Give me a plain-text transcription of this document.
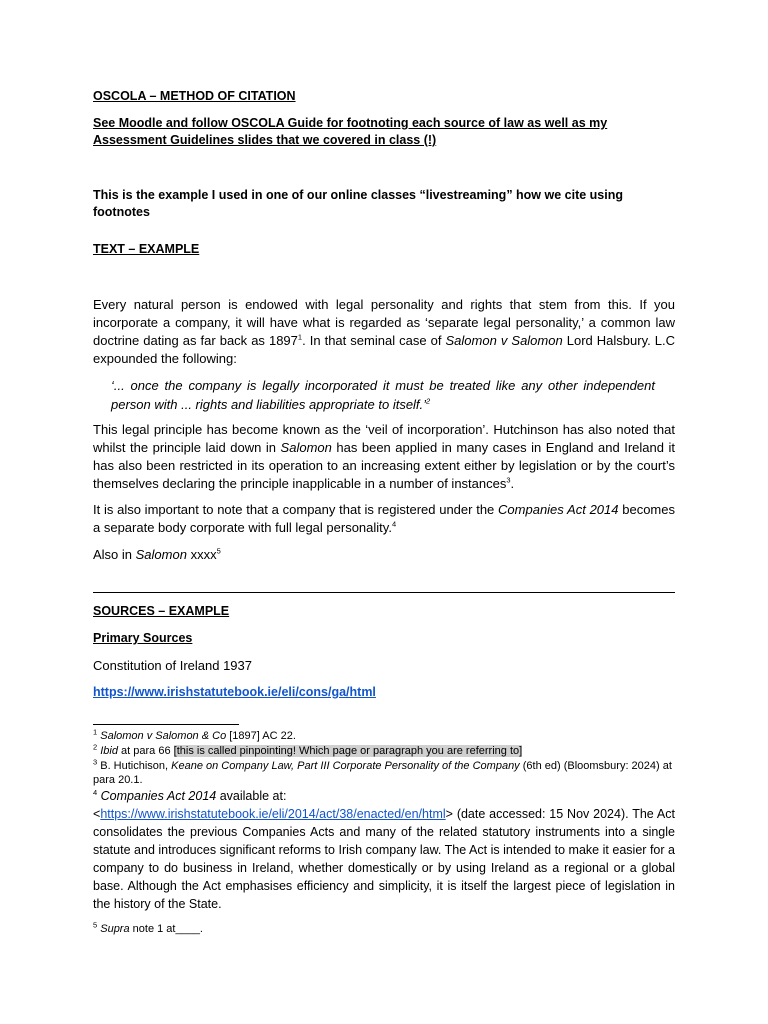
OSCOLA – METHOD OF CITATION
See Moodle and follow OSCOLA Guide for footnoting each source of law as well as my Assessment Guidelines slides that we covered in class (!)
This is the example I used in one of our online classes “livestreaming” how we cite using footnotes
TEXT – EXAMPLE
Every natural person is endowed with legal personality and rights that stem from this. If you incorporate a company, it will have what is regarded as ‘separate legal personality,’ a common law doctrine dating as far back as 1897$^1$. In that seminal case of Salomon v Salomon Lord Halsbury. L.C expounded the following:
‘... once the company is legally incorporated it must be treated like any other independent person with ... rights and liabilities appropriate to itself.’$^2$
This legal principle has become known as the ‘veil of incorporation’. Hutchinson has also noted that whilst the principle laid down in Salomon has been applied in many cases in England and Ireland it has also been restricted in its operation to an increasing extent either by legislation or by the court’s themselves declaring the principle inapplicable in a number of instances$^3$.
It is also important to note that a company that is registered under the Companies Act 2014 becomes a separate body corporate with full legal personality.$^4$
Also in Salomon xxxx$^5$
SOURCES – EXAMPLE
Primary Sources
Constitution of Ireland 1937
https://www.irishstatutebook.ie/eli/cons/ga/html
$^1$ Salomon v Salomon & Co [1897] AC 22.
$^2$ Ibid at para 66 [this is called pinpointing! Which page or paragraph you are referring to]
$^3$ B. Hutichison, Keane on Company Law, Part III Corporate Personality of the Company (6th ed) (Bloomsbury: 2024) at para 20.1.
$^4$ Companies Act 2014 available at:
<https://www.irishstatutebook.ie/eli/2014/act/38/enacted/en/html> (date accessed: 15 Nov 2024). The Act consolidates the previous Companies Acts and many of the related statutory instruments into a single statute and introduces significant reforms to Irish company law. The Act is intended to make it easier for a company to do business in Ireland, whether domestically or by using Ireland as a regional or a global base. Although the Act emphasises efficiency and simplicity, it is itself the largest piece of legislation in the history of the State.
$^5$ Supra note 1 at____.
